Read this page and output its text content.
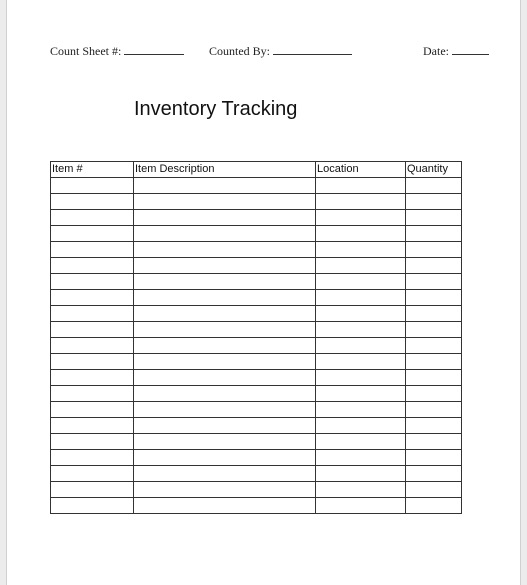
Count Sheet #:	Counted By:	Date:
Inventory Tracking
Item #	Item Description	Location	Quantity
